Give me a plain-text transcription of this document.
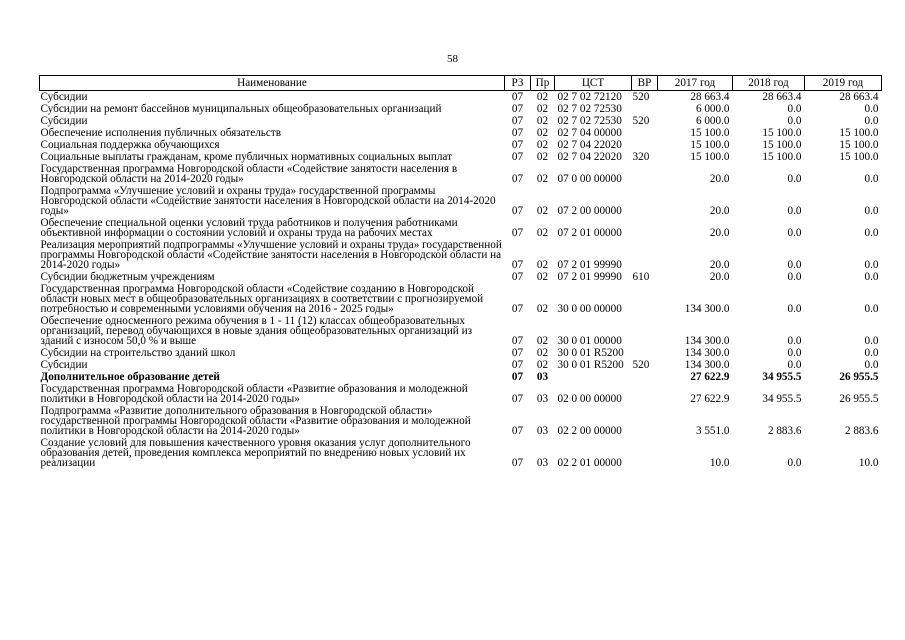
58
Наименование	РЗ	Пр	ЦСТ	ВР	2017 год	2018 год	2019 год
Субсидии	07	02	02 7 02 72120	520	28 663.4	28 663.4	28 663.4
Субсидии на ремонт бассейнов муниципальных общеобразовательных организаций	07	02	02 7 02 72530		6 000.0	0.0	0.0
Субсидии	07	02	02 7 02 72530	520	6 000.0	0.0	0.0
Обеспечение исполнения публичных обязательств	07	02	02 7 04 00000		15 100.0	15 100.0	15 100.0
Социальная поддержка обучающихся	07	02	02 7 04 22020		15 100.0	15 100.0	15 100.0
Социальные выплаты гражданам, кроме публичных нормативных социальных выплат	07	02	02 7 04 22020	320	15 100.0	15 100.0	15 100.0
Государственная программа Новгородской области «Содействие занятости населения в Новгородской области на 2014-2020 годы»	07	02	07 0 00 00000		20.0	0.0	0.0
Подпрограмма «Улучшение условий и охраны труда» государственной программы Новгородской области «Содействие занятости населения в Новгородской области на 2014-2020 годы»	07	02	07 2 00 00000		20.0	0.0	0.0
Обеспечение специальной оценки условий труда работников и получения работниками объективной информации о состоянии условий и охраны труда на рабочих местах	07	02	07 2 01 00000		20.0	0.0	0.0
Реализация мероприятий подпрограммы «Улучшение условий и охраны труда» государственной программы Новгородской области «Содействие занятости населения в Новгородской области на 2014-2020 годы»	07	02	07 2 01 99990		20.0	0.0	0.0
Субсидии бюджетным учреждениям	07	02	07 2 01 99990	610	20.0	0.0	0.0
Государственная программа Новгородской области «Содействие созданию в Новгородской области новых мест в общеобразовательных организациях в соответствии с прогнозируемой потребностью и современными условиями обучения на 2016 - 2025 годы»	07	02	30 0 00 00000		134 300.0	0.0	0.0
Обеспечение односменного режима обучения в 1 - 11 (12) классах общеобразовательных организаций, перевод обучающихся в новые здания общеобразовательных организаций из зданий с износом 50,0 % и выше	07	02	30 0 01 00000		134 300.0	0.0	0.0
Субсидии на строительство зданий школ	07	02	30 0 01 R5200		134 300.0	0.0	0.0
Субсидии	07	02	30 0 01 R5200	520	134 300.0	0.0	0.0
Дополнительное образование детей	07	03			27 622.9	34 955.5	26 955.5
Государственная программа Новгородской области «Развитие образования и молодежной политики в Новгородской области на 2014-2020 годы»	07	03	02 0 00 00000		27 622.9	34 955.5	26 955.5
Подпрограмма «Развитие дополнительного образования в Новгородской области» государственной программы Новгородской области «Развитие образования и молодежной политики в Новгородской области на 2014-2020 годы»	07	03	02 2 00 00000		3 551.0	2 883.6	2 883.6
Создание условий для повышения качественного уровня оказания услуг дополнительного образования детей, проведения комплекса мероприятий по внедрению новых условий их реализации	07	03	02 2 01 00000		10.0	0.0	10.0
